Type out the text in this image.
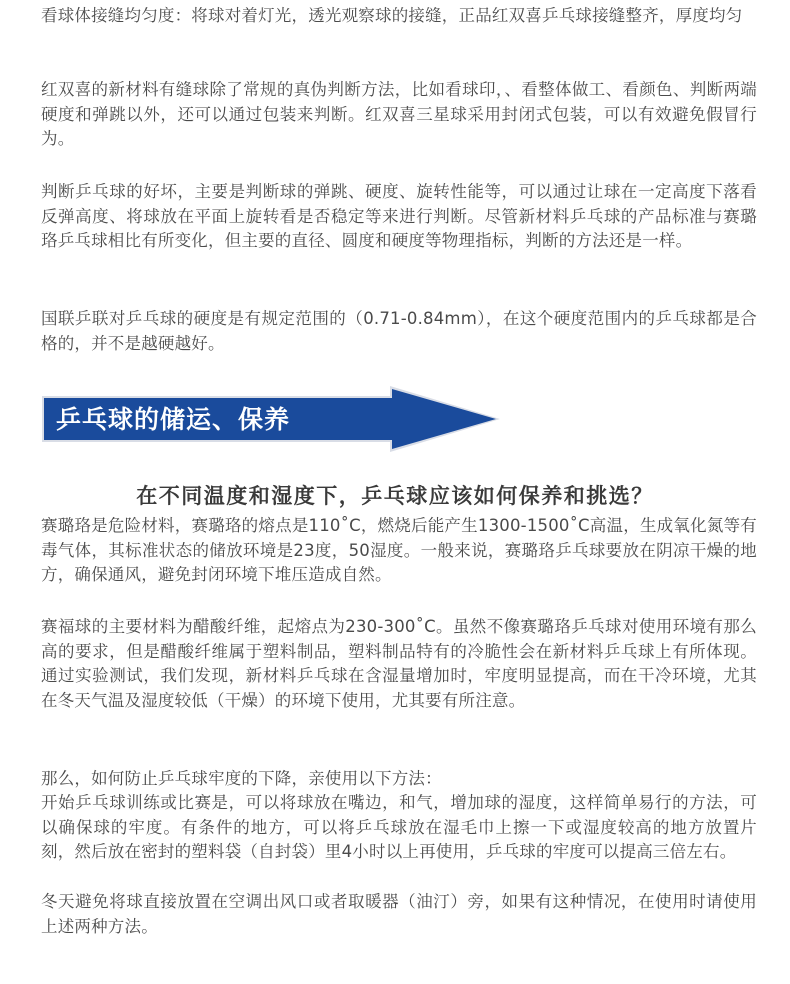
看球体接缝均匀度：将球对着灯光，透光观察球的接缝，正品红双喜乒乓球接缝整齐，厚度均匀

红双喜的新材料有缝球除了常规的真伪判断方法，比如看球印，、看整体做工、看颜色、判断两端硬度和弹跳以外，还可以通过包装来判断。红双喜三星球采用封闭式包装，可以有效避免假冒行为。

判断乒乓球的好坏，主要是判断球的弹跳、硬度、旋转性能等，可以通过让球在一定高度下落看反弹高度、将球放在平面上旋转看是否稳定等来进行判断。尽管新材料乒乓球的产品标准与赛璐珞乒乓球相比有所变化，但主要的直径、圆度和硬度等物理指标，判断的方法还是一样。

国联乒联对乒乓球的硬度是有规定范围的（0.71-0.84mm），在这个硬度范围内的乒乓球都是合格的，并不是越硬越好。

乒乓球的储运、保养
在不同温度和湿度下，乒乓球应该如何保养和挑选？

赛璐珞是危险材料，赛璐珞的熔点是110˚C，燃烧后能产生1300-1500˚C高温，生成氧化氮等有毒气体，其标准状态的储放环境是23度，50湿度。一般来说，赛璐珞乒乓球要放在阴凉干燥的地方，确保通风，避免封闭环境下堆压造成自然。

赛福球的主要材料为醋酸纤维，起熔点为230-300˚C。虽然不像赛璐珞乒乓球对使用环境有那么高的要求，但是醋酸纤维属于塑料制品，塑料制品特有的冷脆性会在新材料乒乓球上有所体现。通过实验测试，我们发现，新材料乒乓球在含湿量增加时，牢度明显提高，而在干冷环境，尤其在冬天气温及湿度较低（干燥）的环境下使用，尤其要有所注意。

那么，如何防止乒乓球牢度的下降，亲使用以下方法：

开始乒乓球训练或比赛是，可以将球放在嘴边，和气，增加球的湿度，这样简单易行的方法，可以确保球的牢度。有条件的地方，可以将乒乓球放在湿毛巾上擦一下或湿度较高的地方放置片刻，然后放在密封的塑料袋（自封袋）里4小时以上再使用，乒乓球的牢度可以提高三倍左右。

冬天避免将球直接放置在空调出风口或者取暖器（油汀）旁，如果有这种情况，在使用时请使用上述两种方法。
